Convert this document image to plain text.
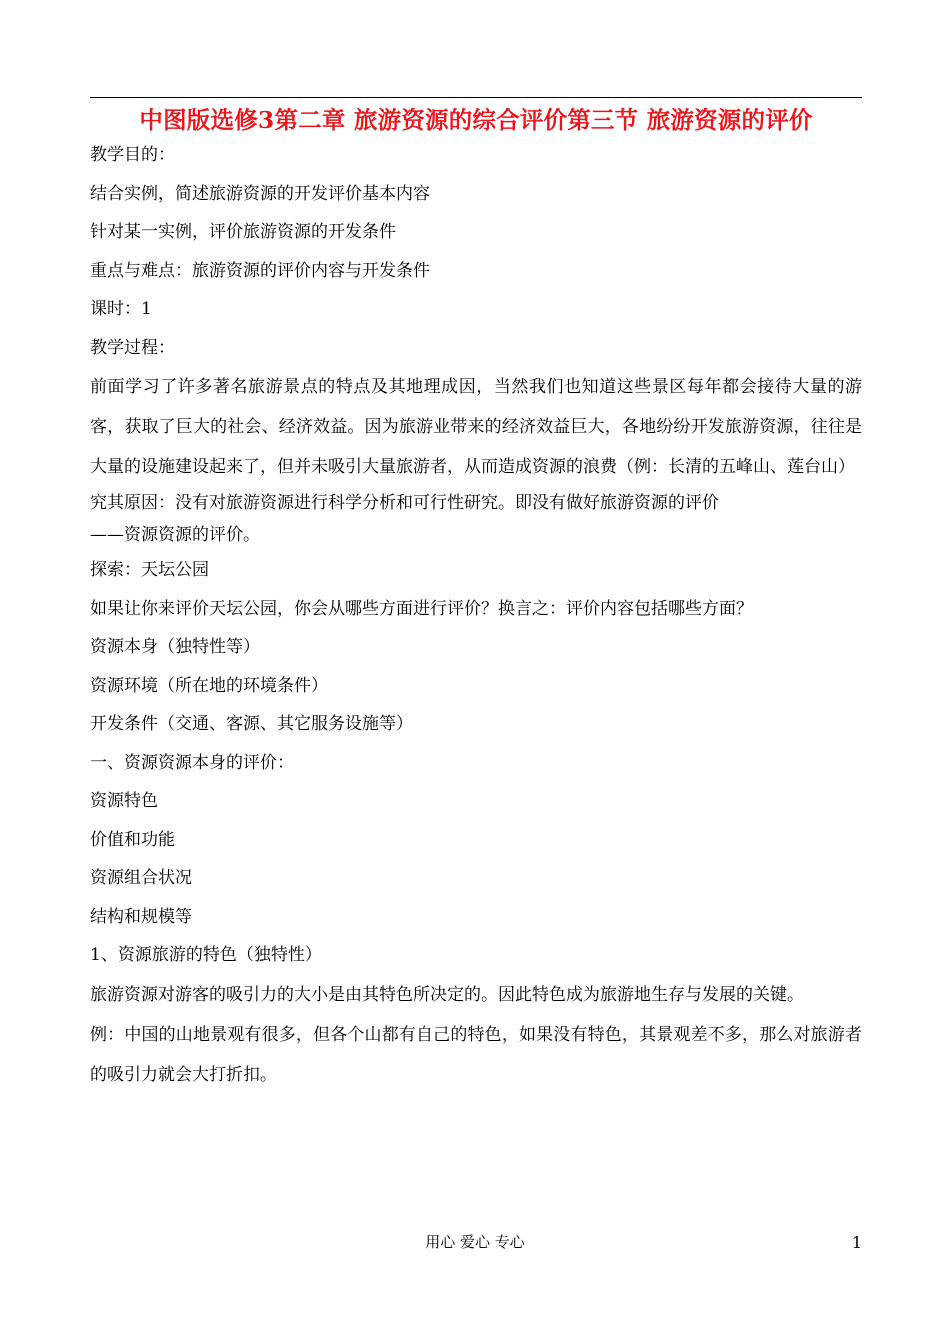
中图版选修3第二章 旅游资源的综合评价第三节 旅游资源的评价
教学目的：
结合实例，简述旅游资源的开发评价基本内容
针对某一实例，评价旅游资源的开发条件
重点与难点：旅游资源的评价内容与开发条件
课时：1
教学过程：
前面学习了许多著名旅游景点的特点及其地理成因，当然我们也知道这些景区每年都会接待大量的游客，获取了巨大的社会、经济效益。因为旅游业带来的经济效益巨大，各地纷纷开发旅游资源，往往是大量的设施建设起来了，但并未吸引大量旅游者，从而造成资源的浪费（例：长清的五峰山、莲台山）
究其原因：没有对旅游资源进行科学分析和可行性研究。即没有做好旅游资源的评价
——资源资源的评价。
探索：天坛公园
如果让你来评价天坛公园，你会从哪些方面进行评价？换言之：评价内容包括哪些方面？
资源本身（独特性等）
资源环境（所在地的环境条件）
开发条件（交通、客源、其它服务设施等）
一、资源资源本身的评价：
资源特色
价值和功能
资源组合状况
结构和规模等
1、资源旅游的特色（独特性）
旅游资源对游客的吸引力的大小是由其特色所决定的。因此特色成为旅游地生存与发展的关键。
例：中国的山地景观有很多，但各个山都有自己的特色，如果没有特色，其景观差不多，那么对旅游者的吸引力就会大打折扣。
用心 爱心 专心	1
